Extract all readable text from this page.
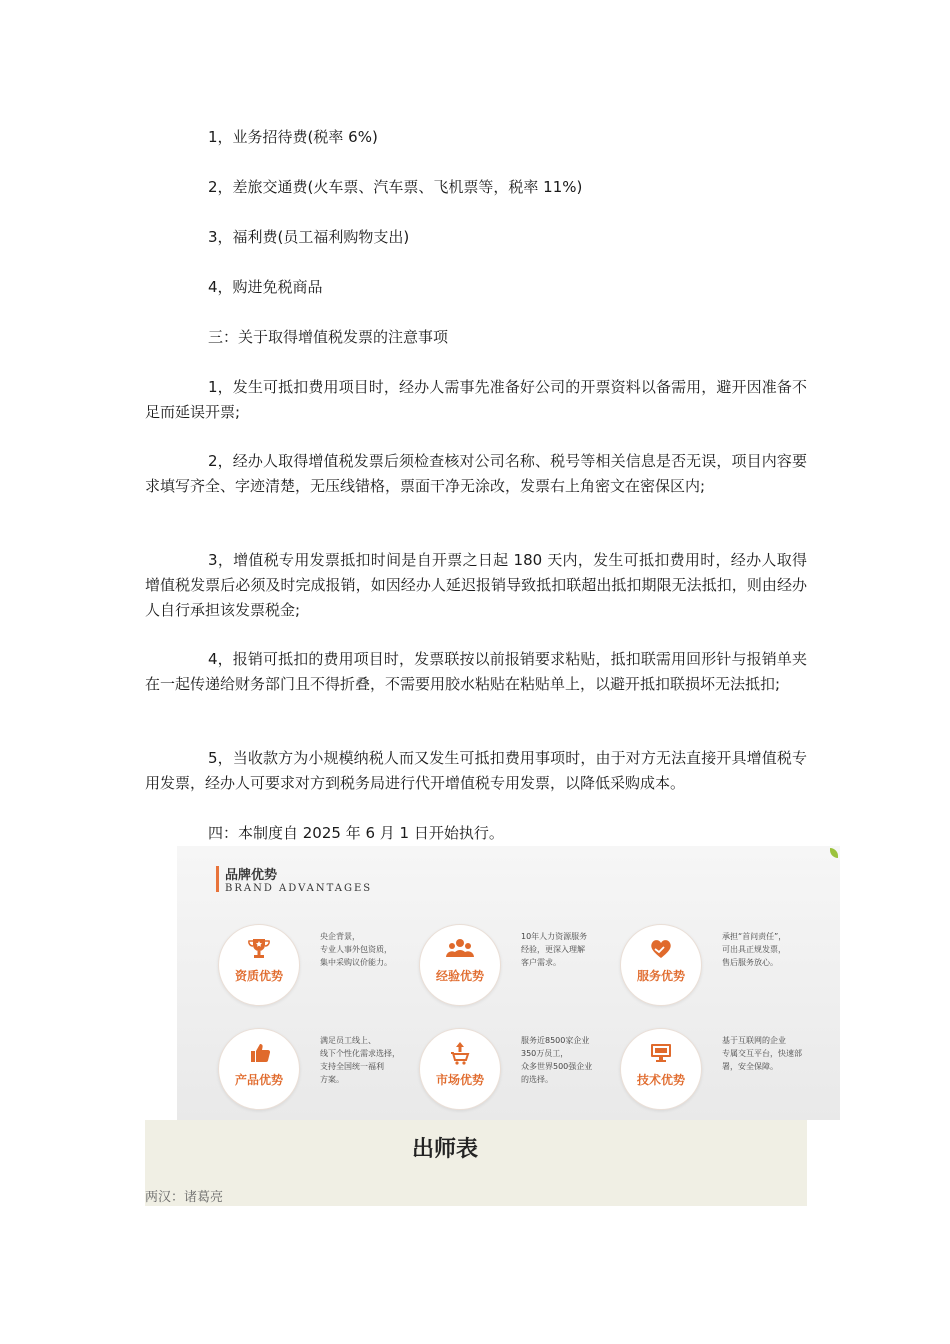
1，业务招待费(税率 6%)

2，差旅交通费(火车票、汽车票、飞机票等，税率 11%)

3，福利费(员工福利购物支出)

4，购进免税商品

三：关于取得增值税发票的注意事项

1，发生可抵扣费用项目时，经办人需事先准备好公司的开票资料以备需用，避开因准备不足而延误开票;

2，经办人取得增值税发票后须检查核对公司名称、税号等相关信息是否无误，项目内容要求填写齐全、字迹清楚，无压线错格，票面干净无涂改，发票右上角密文在密保区内;

3，增值税专用发票抵扣时间是自开票之日起 180 天内，发生可抵扣费用时，经办人取得增值税发票后必须及时完成报销，如因经办人延迟报销导致抵扣联超出抵扣期限无法抵扣，则由经办人自行承担该发票税金;

4，报销可抵扣的费用项目时，发票联按以前报销要求粘贴，抵扣联需用回形针与报销单夹在一起传递给财务部门且不得折叠，不需要用胶水粘贴在粘贴单上，以避开抵扣联损坏无法抵扣;

5，当收款方为小规模纳税人而又发生可抵扣费用事项时，由于对方无法直接开具增值税专用发票，经办人可要求对方到税务局进行代开增值税专用发票，以降低采购成本。

四：本制度自 2025 年 6 月 1 日开始执行。

品牌优势
BRAND ADVANTAGES
资质优势
央企背景，
专业人事外包资质，
集中采购议价能力。
经验优势
10年人力资源服务
经验，更深入理解
客户需求。
服务优势
承担“首问责任”，
可出具正规发票，
售后服务放心。
产品优势
满足员工线上、
线下个性化需求选择，
支持全国统一福利
方案。	市场优势
服务近8500家企业
350万员工，
众多世界500强企业
的选择。	技术优势
基于互联网的企业
专属交互平台，快速部
署，安全保障。
出师表
两汉：诸葛亮
